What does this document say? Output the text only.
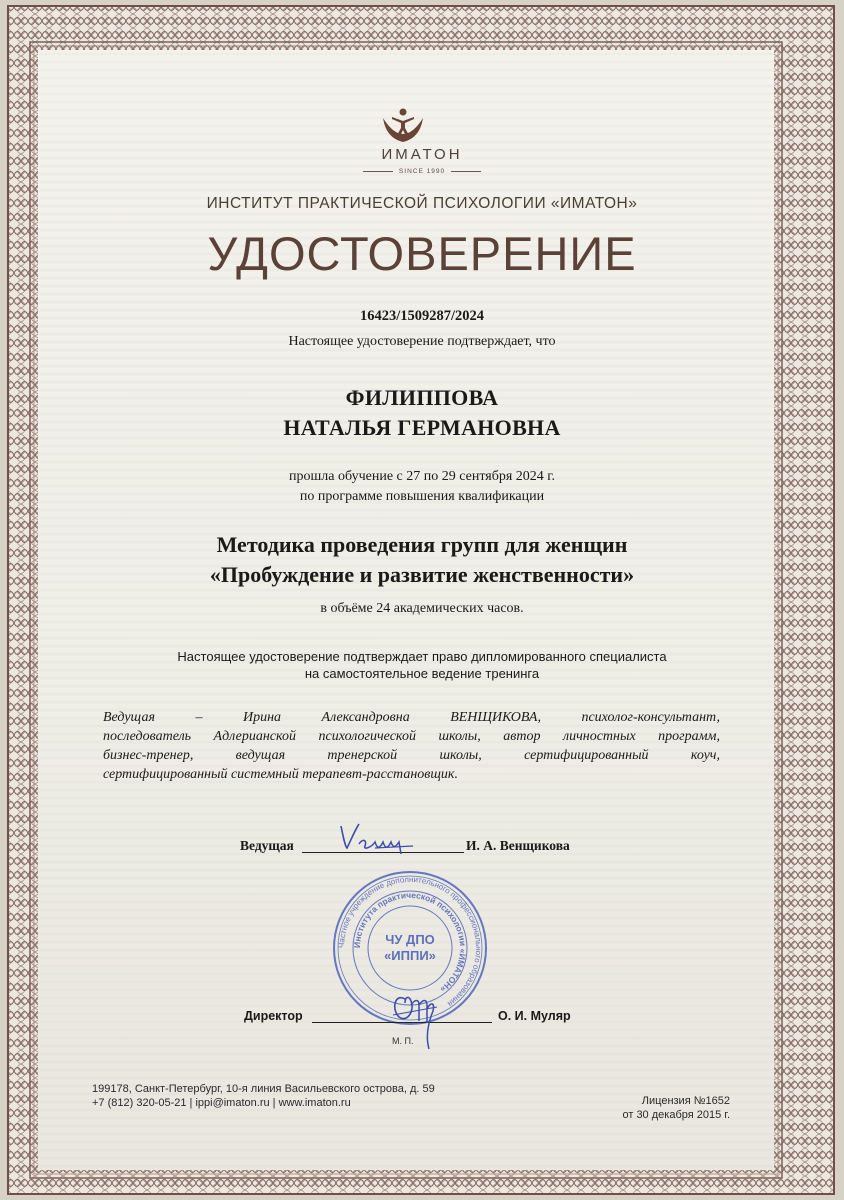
ИМАТОН
SINCE 1990
ИНСТИТУТ ПРАКТИЧЕСКОЙ ПСИХОЛОГИИ «ИМАТОН»
УДОСТОВЕРЕНИЕ
16423/1509287/2024
Настоящее удостоверение подтверждает, что
ФИЛИППОВА
НАТАЛЬЯ ГЕРМАНОВНА
прошла обучение с 27 по 29 сентября 2024 г.
по программе повышения квалификации
Методика проведения групп для женщин
«Пробуждение и развитие женственности»
в объёме 24 академических часов.
Настоящее удостоверение подтверждает право дипломированного специалиста
на самостоятельное ведение тренинга
Ведущая – Ирина Александровна ВЕНЩИКОВА, психолог-консультант,
последователь Адлерианской психологической школы, автор личностных программ,
бизнес-тренер, ведущая тренерской школы, сертифицированный коуч,
сертифицированный системный терапевт-расстановщик.
Ведущая	И. А. Венщикова
Частное учреждение дополнительного профессионального образования
Института практической психологии «ИМАТОН»
ЧУ ДПО
«ИППИ»
Директор	О. И. Муляр
М. П.
199178, Санкт-Петербург, 10-я линия Васильевского острова, д. 59
+7 (812) 320-05-21 | ippi@imaton.ru | www.imaton.ru	Лицензия №1652
от 30 декабря 2015 г.
